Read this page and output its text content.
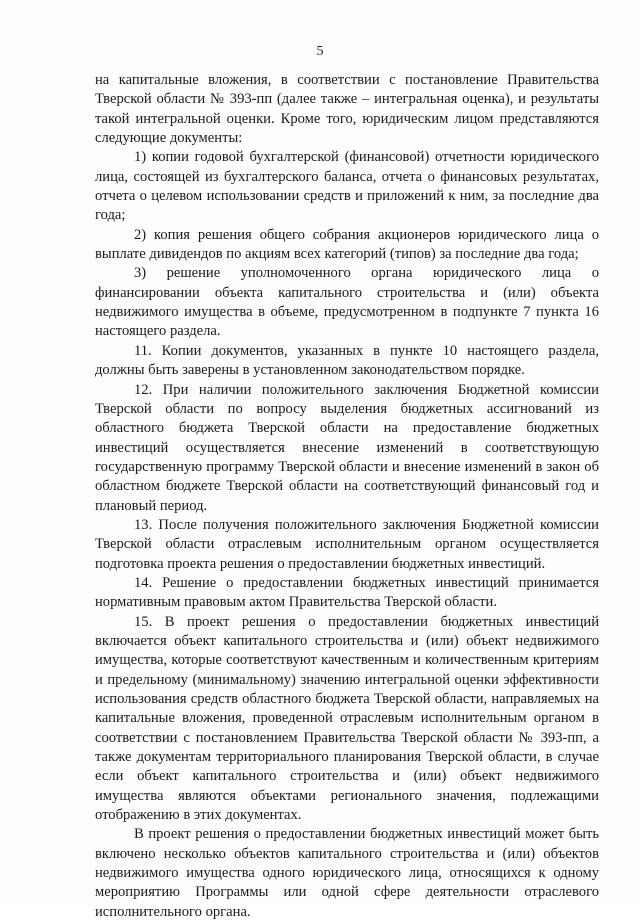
5

на капитальные вложения, в соответствии с постановление Правительства Тверской области № 393-пп (далее также – интегральная оценка), и результаты такой интегральной оценки. Кроме того, юридическим лицом представляются следующие документы:

1) копии годовой бухгалтерской (финансовой) отчетности юридического лица, состоящей из бухгалтерского баланса, отчета о финансовых результатах, отчета о целевом использовании средств и приложений к ним, за последние два года;

2) копия решения общего собрания акционеров юридического лица о выплате дивидендов по акциям всех категорий (типов) за последние два года;

3) решение уполномоченного органа юридического лица о финансировании объекта капитального строительства и (или) объекта недвижимого имущества в объеме, предусмотренном в подпункте 7 пункта 16 настоящего раздела.

11. Копии документов, указанных в пункте 10 настоящего раздела, должны быть заверены в установленном законодательством порядке.

12. При наличии положительного заключения Бюджетной комиссии Тверской области по вопросу выделения бюджетных ассигнований из областного бюджета Тверской области на предоставление бюджетных инвестиций осуществляется внесение изменений в соответствующую государственную программу Тверской области и внесение изменений в закон об областном бюджете Тверской области на соответствующий финансовый год и плановый период.

13. После получения положительного заключения Бюджетной комиссии Тверской области отраслевым исполнительным органом осуществляется подготовка проекта решения о предоставлении бюджетных инвестиций.

14. Решение о предоставлении бюджетных инвестиций принимается нормативным правовым актом Правительства Тверской области.

15. В проект решения о предоставлении бюджетных инвестиций включается объект капитального строительства и (или) объект недвижимого имущества, которые соответствуют качественным и количественным критериям и предельному (минимальному) значению интегральной оценки эффективности использования средств областного бюджета Тверской области, направляемых на капитальные вложения, проведенной отраслевым исполнительным органом в соответствии с постановлением Правительства Тверской области № 393-пп, а также документам территориального планирования Тверской области, в случае если объект капитального строительства и (или) объект недвижимого имущества являются объектами регионального значения, подлежащими отображению в этих документах.

В проект решения о предоставлении бюджетных инвестиций может быть включено несколько объектов капитального строительства и (или) объектов недвижимого имущества одного юридического лица, относящихся к одному мероприятию Программы или одной сфере деятельности отраслевого исполнительного органа.
